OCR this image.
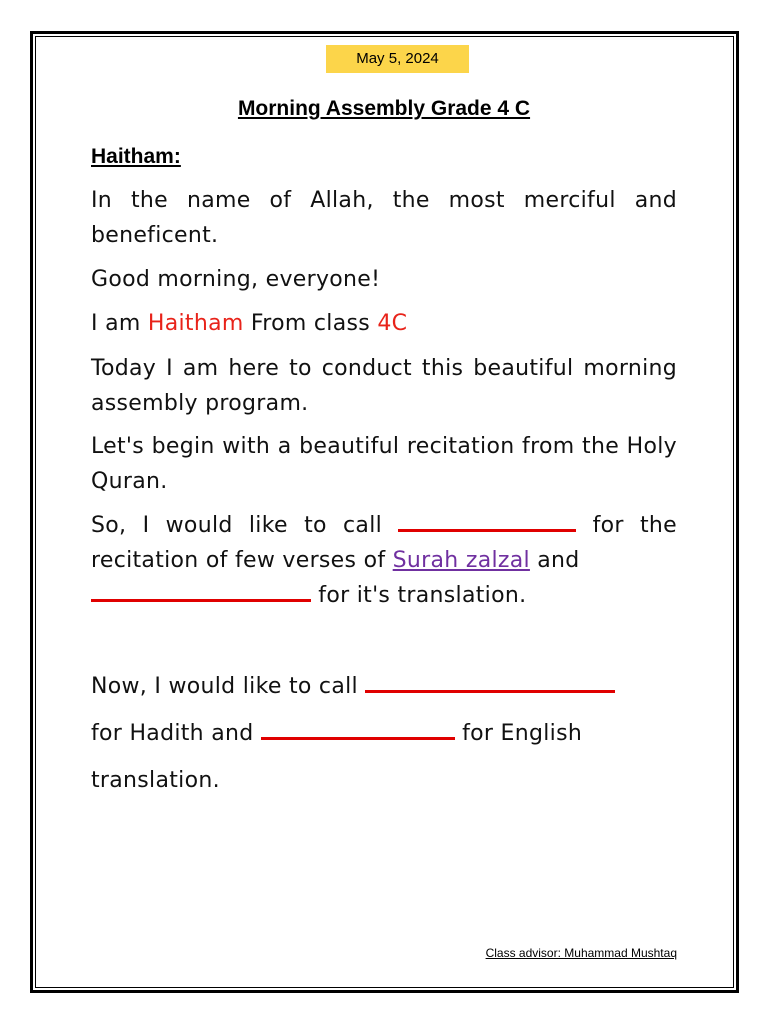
May 5, 2024
Morning Assembly Grade 4 C
Haitham:
In the name of Allah, the most merciful and beneficent.
Good morning, everyone!
I am Haitham From class 4C
Today I am here to conduct this beautiful morning assembly program.
Let's begin with a beautiful recitation from the Holy Quran.
So, I would like to call	for the recitation of few verses of Surah zalzal and
for it's translation.
Now, I would like to call
for Hadith and	for English
translation.
Class advisor: Muhammad Mushtaq
